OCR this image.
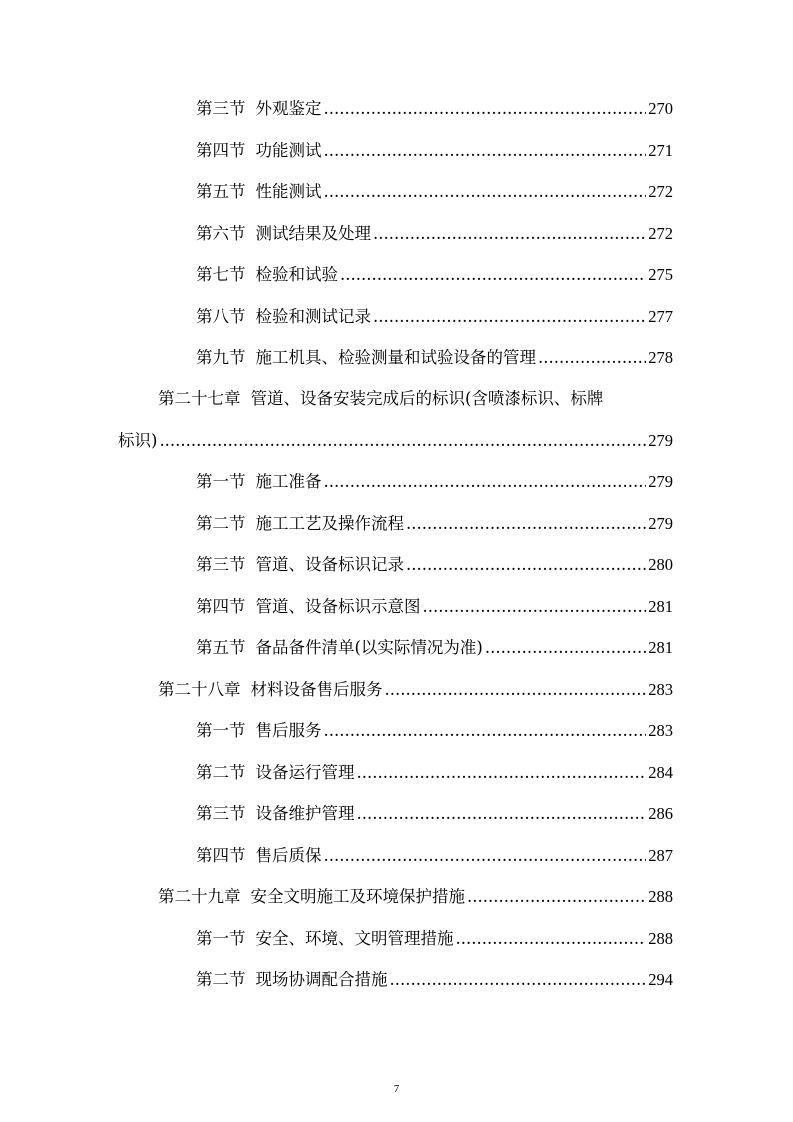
第三节 外观鉴定 .....	270
第四节 功能测试 .....	271
第五节 性能测试 .....	272
第六节 测试结果及处理 .....	272
第七节 检验和试验 .....	275
第八节 检验和测试记录 .....	277
第九节 施工机具、检验测量和试验设备的管理 .....	278
第二十七章 管道、设备安装完成后的标识(含喷漆标识、标牌
标识) .....	279
第一节 施工准备 .....	279
第二节 施工工艺及操作流程 .....	279
第三节 管道、设备标识记录 .....	280
第四节 管道、设备标识示意图 .....	281
第五节 备品备件清单(以实际情况为准) .....	281
第二十八章 材料设备售后服务 .....	283
第一节 售后服务 .....	283
第二节 设备运行管理 .....	284
第三节 设备维护管理 .....	286
第四节 售后质保 .....	287
第二十九章 安全文明施工及环境保护措施 .....	288
第一节 安全、环境、文明管理措施 .....	288
第二节 现场协调配合措施 .....	294
7
